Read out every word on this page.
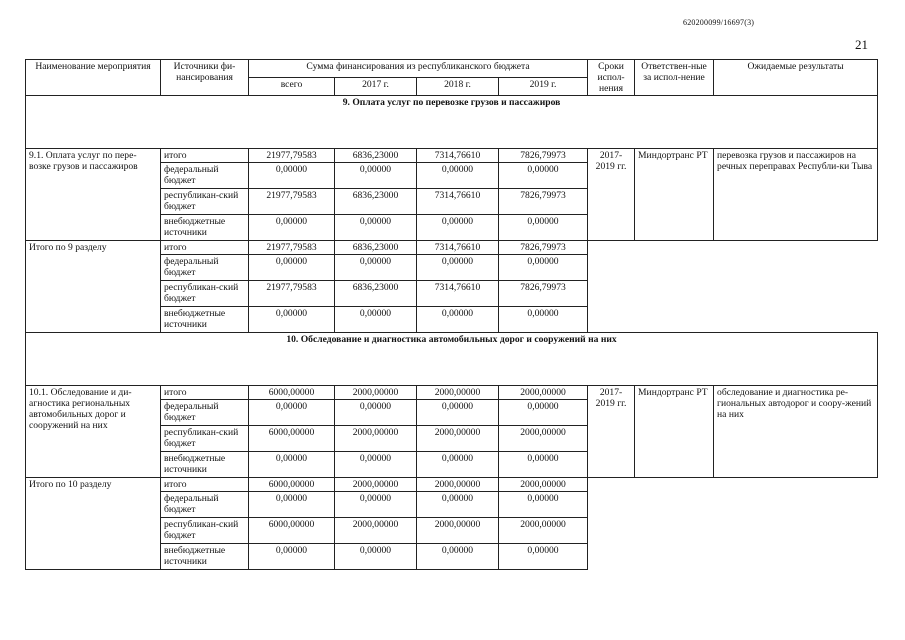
620200099/16697(3)
21
Наименование мероприятия	Источники фи-нансирования	Сумма финансирования из республиканского бюджета				Сроки испол-нения	Ответствен-ные за испол-нение	Ожидаемые результаты
		всего	2017 г.	2018 г.	2019 г.			
9. Оплата услуг по перевозке грузов и пассажиров								
9.1. Оплата услуг по пере-возке грузов и пассажиров	итого	21977,79583	6836,23000	7314,76610	7826,79973	2017-2019 гг.	Миндортранс РТ	перевозка грузов и пассажиров на речных переправах Республи-ки Тыва
	федеральный бюджет	0,00000	0,00000	0,00000	0,00000			
	республикан-ский бюджет	21977,79583	6836,23000	7314,76610	7826,79973			
	внебюджетные источники	0,00000	0,00000	0,00000	0,00000			
Итого по 9 разделу	итого	21977,79583	6836,23000	7314,76610	7826,79973			
	федеральный бюджет	0,00000	0,00000	0,00000	0,00000			
	республикан-ский бюджет	21977,79583	6836,23000	7314,76610	7826,79973			
	внебюджетные источники	0,00000	0,00000	0,00000	0,00000			
10. Обследование и диагностика автомобильных дорог и сооружений на них								
10.1. Обследование и ди-агностика региональных автомобильных дорог и сооружений на них	итого	6000,00000	2000,00000	2000,00000	2000,00000	2017-2019 гг.	Миндортранс РТ	обследование и диагностика ре-гиональных автодорог и соору-жений на них
	федеральный бюджет	0,00000	0,00000	0,00000	0,00000			
	республикан-ский бюджет	6000,00000	2000,00000	2000,00000	2000,00000			
	внебюджетные источники	0,00000	0,00000	0,00000	0,00000			
Итого по 10 разделу	итого	6000,00000	2000,00000	2000,00000	2000,00000			
	федеральный бюджет	0,00000	0,00000	0,00000	0,00000			
	республикан-ский бюджет	6000,00000	2000,00000	2000,00000	2000,00000			
	внебюджетные источники	0,00000	0,00000	0,00000	0,00000			
